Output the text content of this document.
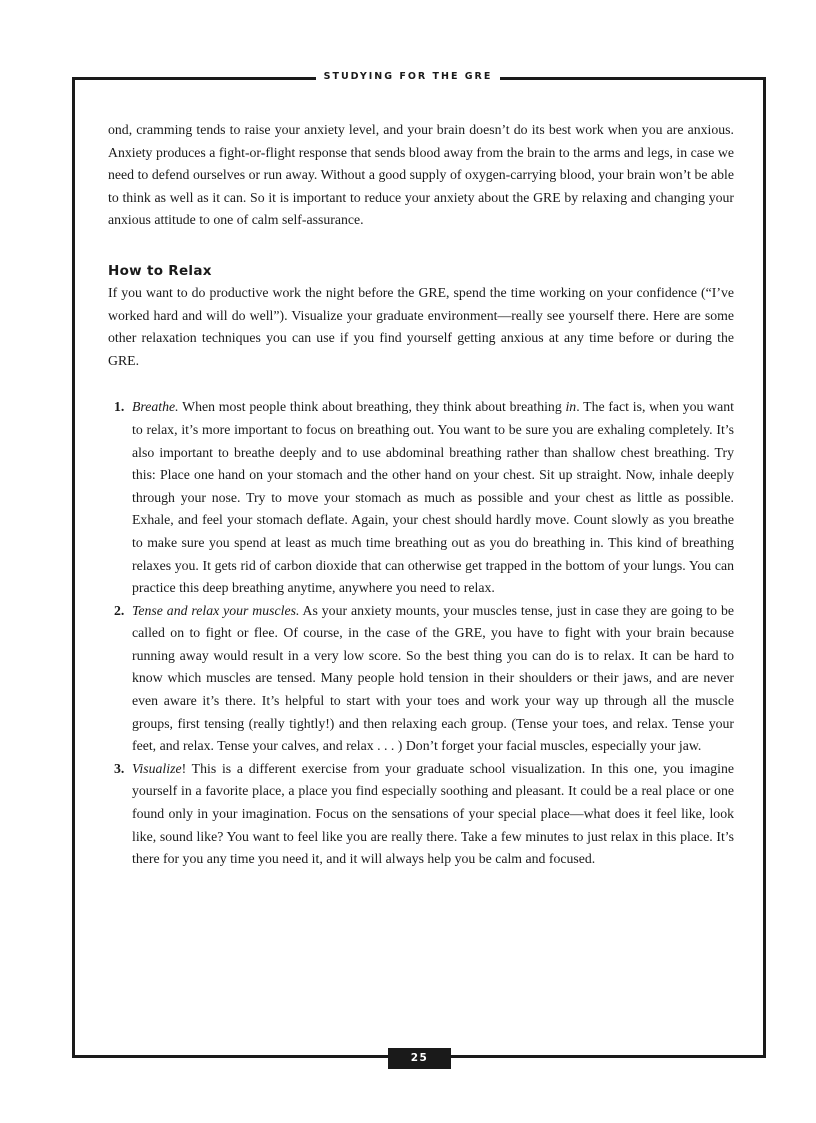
STUDYING FOR THE GRE

ond, cramming tends to raise your anxiety level, and your brain doesn’t do its best work when you are anxious. Anxiety produces a fight-or-flight response that sends blood away from the brain to the arms and legs, in case we need to defend ourselves or run away. Without a good supply of oxygen-carrying blood, your brain won’t be able to think as well as it can. So it is important to reduce your anxiety about the GRE by relaxing and changing your anxious attitude to one of calm self-assurance.

How to Relax

If you want to do productive work the night before the GRE, spend the time working on your confidence (“I’ve worked hard and will do well”). Visualize your graduate environment—really see yourself there. Here are some other relaxation techniques you can use if you find yourself getting anxious at any time before or during the GRE.

1. Breathe. When most people think about breathing, they think about breathing in. The fact is, when you want to relax, it’s more important to focus on breathing out. You want to be sure you are exhaling completely. It’s also important to breathe deeply and to use abdominal breathing rather than shallow chest breathing. Try this: Place one hand on your stomach and the other hand on your chest. Sit up straight. Now, inhale deeply through your nose. Try to move your stomach as much as possible and your chest as little as possible. Exhale, and feel your stomach deflate. Again, your chest should hardly move. Count slowly as you breathe to make sure you spend at least as much time breathing out as you do breathing in. This kind of breathing relaxes you. It gets rid of carbon dioxide that can otherwise get trapped in the bottom of your lungs. You can practice this deep breathing anytime, anywhere you need to relax.
2. Tense and relax your muscles. As your anxiety mounts, your muscles tense, just in case they are going to be called on to fight or flee. Of course, in the case of the GRE, you have to fight with your brain because running away would result in a very low score. So the best thing you can do is to relax. It can be hard to know which muscles are tensed. Many people hold tension in their shoulders or their jaws, and are never even aware it’s there. It’s helpful to start with your toes and work your way up through all the muscle groups, first tensing (really tightly!) and then relaxing each group. (Tense your toes, and relax. Tense your feet, and relax. Tense your calves, and relax . . . ) Don’t forget your facial muscles, especially your jaw.
3. Visualize! This is a different exercise from your graduate school visualization. In this one, you imagine yourself in a favorite place, a place you find especially soothing and pleasant. It could be a real place or one found only in your imagination. Focus on the sensations of your special place—what does it feel like, look like, sound like? You want to feel like you are really there. Take a few minutes to just relax in this place. It’s there for you any time you need it, and it will always help you be calm and focused.
25
